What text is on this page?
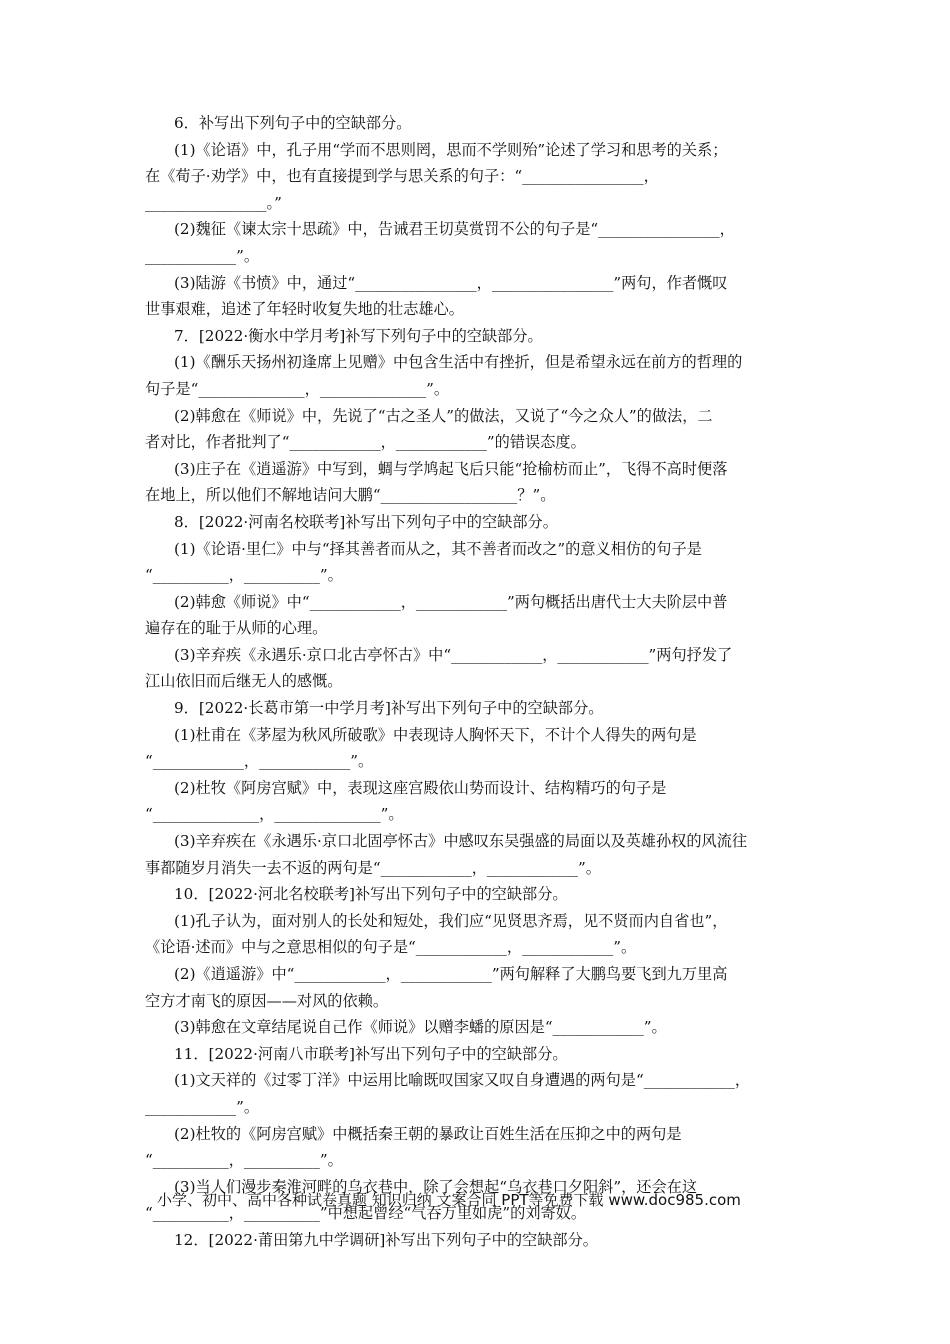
6．补写出下列句子中的空缺部分。
(1)《论语》中，孔子用“学而不思则罔，思而不学则殆”论述了学习和思考的关系；
在《荀子·劝学》中，也有直接提到学与思关系的句子：“________________，
________________。”
(2)魏征《谏太宗十思疏》中，告诫君王切莫赏罚不公的句子是“________________，
____________”。
(3)陆游《书愤》中，通过“________________，________________”两句，作者慨叹
世事艰难，追述了年轻时收复失地的壮志雄心。
7．[2022·衡水中学月考]补写下列句子中的空缺部分。
(1)《酬乐天扬州初逢席上见赠》中包含生活中有挫折，但是希望永远在前方的哲理的
句子是“______________，______________”。
(2)韩愈在《师说》中，先说了“古之圣人”的做法，又说了“今之众人”的做法，二
者对比，作者批判了“____________，____________”的错误态度。
(3)庄子在《逍遥游》中写到，蜩与学鸠起飞后只能“抢榆枋而止”，飞得不高时便落
在地上，所以他们不解地诘问大鹏“__________________？”。
8．[2022·河南名校联考]补写出下列句子中的空缺部分。
(1)《论语·里仁》中与“择其善者而从之，其不善者而改之”的意义相仿的句子是
“__________，__________”。
(2)韩愈《师说》中“____________，____________”两句概括出唐代士大夫阶层中普
遍存在的耻于从师的心理。
(3)辛弃疾《永遇乐·京口北古亭怀古》中“____________，____________”两句抒发了
江山依旧而后继无人的感慨。
9．[2022·长葛市第一中学月考]补写出下列句子中的空缺部分。
(1)杜甫在《茅屋为秋风所破歌》中表现诗人胸怀天下，不计个人得失的两句是
“____________，____________”。
(2)杜牧《阿房宫赋》中，表现这座宫殿依山势而设计、结构精巧的句子是
“______________，______________”。
(3)辛弃疾在《永遇乐·京口北固亭怀古》中感叹东吴强盛的局面以及英雄孙权的风流往
事都随岁月消失一去不返的两句是“____________，____________”。
10．[2022·河北名校联考]补写出下列句子中的空缺部分。
(1)孔子认为，面对别人的长处和短处，我们应“见贤思齐焉，见不贤而内自省也”，
《论语·述而》中与之意思相似的句子是“____________，____________”。
(2)《逍遥游》中“____________，____________”两句解释了大鹏鸟要飞到九万里高
空方才南飞的原因——对风的依赖。
(3)韩愈在文章结尾说自己作《师说》以赠李蟠的原因是“____________”。
11．[2022·河南八市联考]补写出下列句子中的空缺部分。
(1)文天祥的《过零丁洋》中运用比喻既叹国家又叹自身遭遇的两句是“____________，
____________”。
(2)杜牧的《阿房宫赋》中概括秦王朝的暴政让百姓生活在压抑之中的两句是
“__________，__________”。
(3)当人们漫步秦淮河畔的乌衣巷中，除了会想起“乌衣巷口夕阳斜”，还会在这
“__________，__________”中想起曾经“气吞万里如虎”的刘寄奴。
12．[2022·莆田第九中学调研]补写出下列句子中的空缺部分。
小学、初中、高中各种试卷真题 知识归纳 文案合同 PPT等免费下载 www.doc985.com
